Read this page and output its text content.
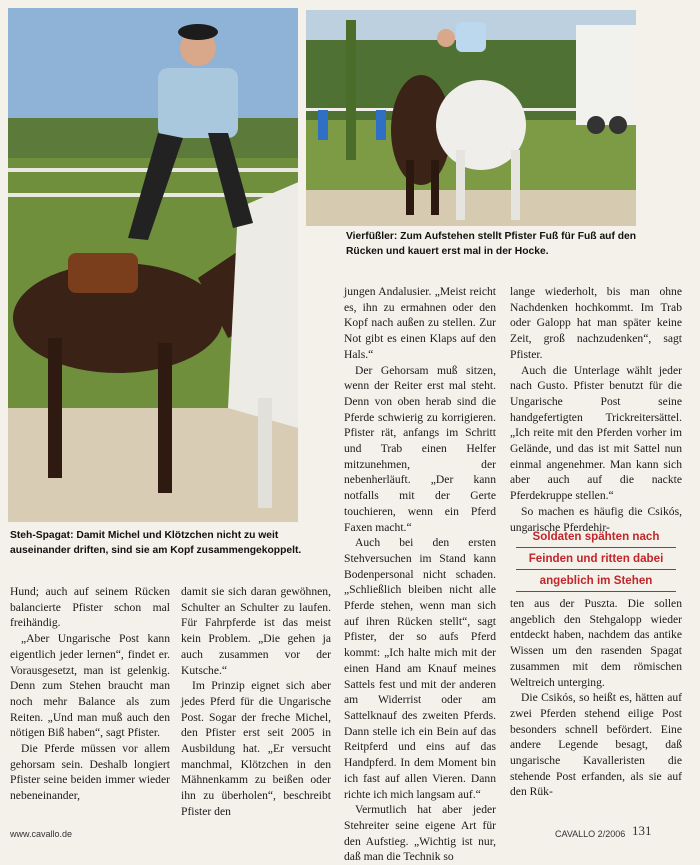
Vierfüßler: Zum Aufstehen stellt Pfister Fuß für Fuß auf den Rücken und kauert erst mal in der Hocke.
Steh-Spagat: Damit Michel und Klötzchen nicht zu weit auseinander driften, sind sie am Kopf zusammengekoppelt.

Hund; auch auf seinem Rücken balancierte Pfister schon mal freihändig.

„Aber Ungarische Post kann eigentlich jeder lernen“, findet er. Vorausgesetzt, man ist gelenkig. Denn zum Stehen braucht man noch mehr Balance als zum Reiten. „Und man muß auch den nötigen Biß haben“, sagt Pfister.

Die Pferde müssen vor allem gehorsam sein. Deshalb longiert Pfister seine beiden immer wieder nebeneinander,

damit sie sich daran gewöhnen, Schulter an Schulter zu laufen. Für Fahrpferde ist das meist kein Problem. „Die gehen ja auch zusammen vor der Kutsche.“

Im Prinzip eignet sich aber jedes Pferd für die Ungarische Post. Sogar der freche Michel, den Pfister erst seit 2005 in Ausbildung hat. „Er versucht manchmal, Klötzchen in den Mähnenkamm zu beißen oder ihn zu überholen“, beschreibt Pfister den

jungen Andalusier. „Meist reicht es, ihn zu ermahnen oder den Kopf nach außen zu stellen. Zur Not gibt es einen Klaps auf den Hals.“

Der Gehorsam muß sitzen, wenn der Reiter erst mal steht. Denn von oben herab sind die Pferde schwierig zu korrigieren. Pfister rät, anfangs im Schritt und Trab einen Helfer mitzunehmen, der nebenherläuft. „Der kann notfalls mit der Gerte touchieren, wenn ein Pferd Faxen macht.“

Auch bei den ersten Stehversuchen im Stand kann Bodenpersonal nicht schaden. „Schließlich bleiben nicht alle Pferde stehen, wenn man sich auf ihren Rücken stellt“, sagt Pfister, der so aufs Pferd kommt: „Ich halte mich mit der einen Hand am Knauf meines Sattels fest und mit der anderen am Widerrist oder am Sattelknauf des zweiten Pferds. Dann stelle ich ein Bein auf das Reitpferd und eins auf das Handpferd. In dem Moment bin ich fast auf allen Vieren. Dann richte ich mich langsam auf.“

Vermutlich hat aber jeder Stehreiter seine eigene Art für den Aufstieg. „Wichtig ist nur, daß man die Technik so

lange wiederholt, bis man ohne Nachdenken hochkommt. Im Trab oder Galopp hat man später keine Zeit, groß nachzudenken“, sagt Pfister.

Auch die Unterlage wählt jeder nach Gusto. Pfister benutzt für die Ungarische Post seine handgefertigten Trickreitersättel. „Ich reite mit den Pferden vorher im Gelände, und das ist mit Sattel nun einmal angenehmer. Man kann sich aber auch auf die nackte Pferdekruppe stellen.“

So machen es häufig die Csikós, ungarische Pferdehir-

Soldaten spähten nach
Feinden und ritten dabei
angeblich im Stehen

ten aus der Puszta. Die sollen angeblich den Stehgalopp wieder entdeckt haben, nachdem das antike Wissen um den rasenden Spagat zusammen mit dem römischen Weltreich unterging.

Die Csikós, so heißt es, hätten auf zwei Pferden stehend eilige Post besonders schnell befördert. Eine andere Legende besagt, daß ungarische Kavalleristen die stehende Post erfanden, als sie auf den Rük-

www.cavallo.de	CAVALLO 2/2006 131
